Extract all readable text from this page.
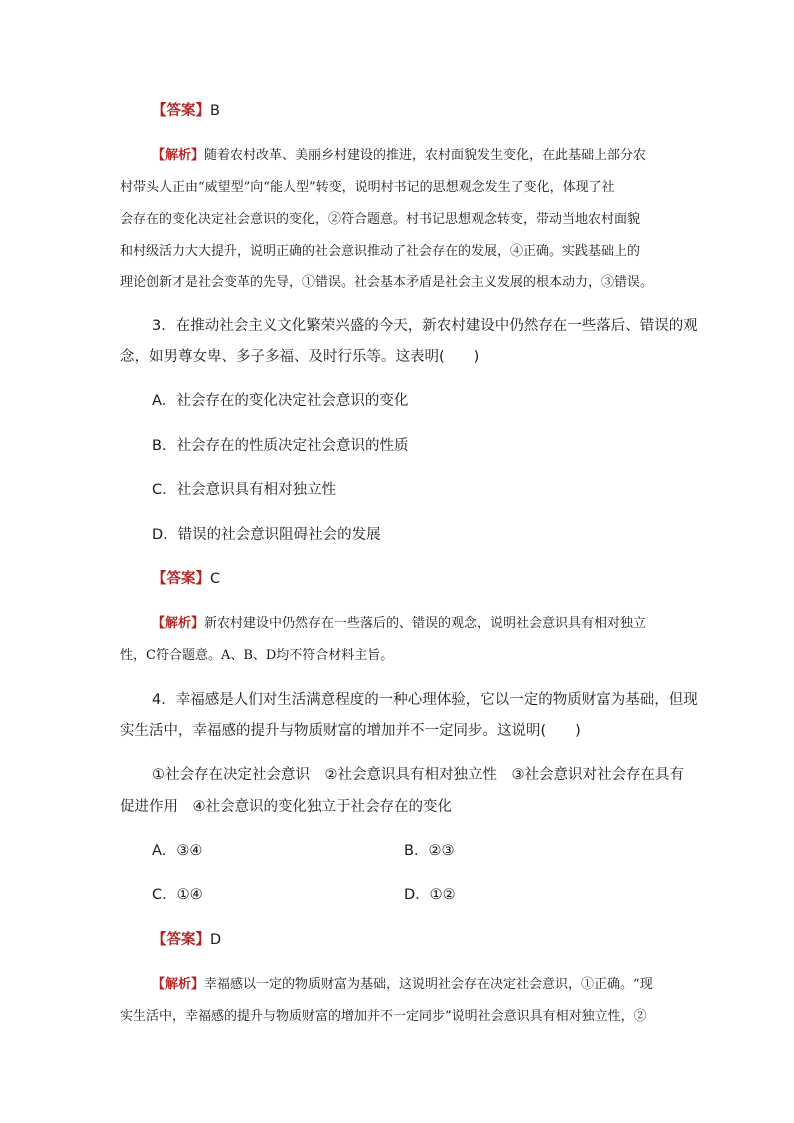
【答案】B
【解析】随着农村改革、美丽乡村建设的推进，农村面貌发生变化，在此基础上部分农
村带头人正由“威望型”向“能人型”转变，说明村书记的思想观念发生了变化，体现了社
会存在的变化决定社会意识的变化，②符合题意。村书记思想观念转变，带动当地农村面貌
和村级活力大大提升，说明正确的社会意识推动了社会存在的发展，④正确。实践基础上的
理论创新才是社会变革的先导，①错误。社会基本矛盾是社会主义发展的根本动力，③错误。
3．在推动社会主义文化繁荣兴盛的今天，新农村建设中仍然存在一些落后、错误的观
念，如男尊女卑、多子多福、及时行乐等。这表明(　　)
A．社会存在的变化决定社会意识的变化
B．社会存在的性质决定社会意识的性质
C．社会意识具有相对独立性
D．错误的社会意识阻碍社会的发展
【答案】C
【解析】新农村建设中仍然存在一些落后的、错误的观念，说明社会意识具有相对独立
性，C符合题意。A、B、D均不符合材料主旨。
4．幸福感是人们对生活满意程度的一种心理体验，它以一定的物质财富为基础，但现
实生活中，幸福感的提升与物质财富的增加并不一定同步。这说明(　　)
①社会存在决定社会意识　②社会意识具有相对独立性　③社会意识对社会存在具有
促进作用　④社会意识的变化独立于社会存在的变化
A．③④	B．②③
C．①④	D．①②
【答案】D
【解析】幸福感以一定的物质财富为基础，这说明社会存在决定社会意识，①正确。“现
实生活中，幸福感的提升与物质财富的增加并不一定同步”说明社会意识具有相对独立性，②
